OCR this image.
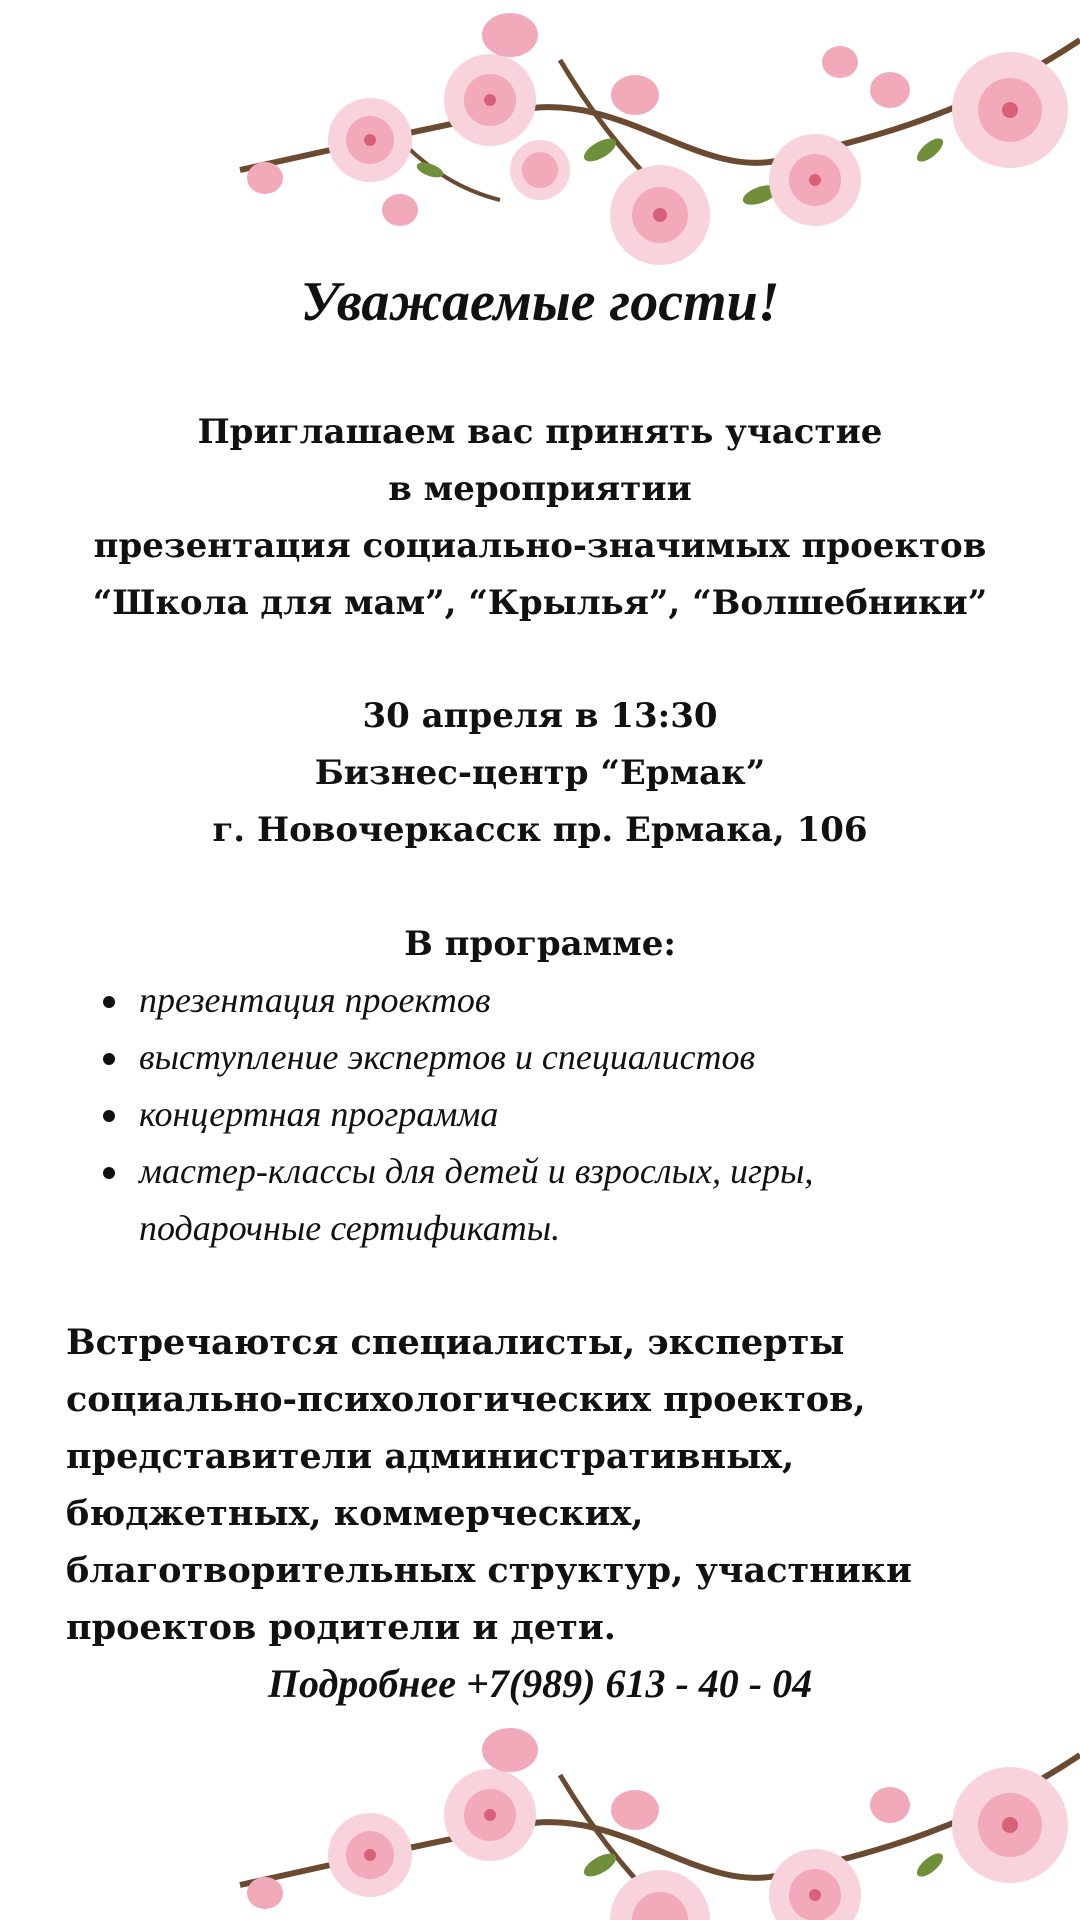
Уважаемые гости!
Приглашаем вас принять участие
в мероприятии
презентация социально-значимых проектов
“Школа для мам”, “Крылья”, “Волшебники”
30 апреля в 13:30
Бизнес-центр “Ермак”
г. Новочеркасск пр. Ермака, 106
В программе:
презентация проектов
выступление экспертов и специалистов
концертная программа
мастер-классы для детей и взрослых, игры, подарочные сертификаты.
Встречаются специалисты, эксперты социально-психологических проектов, представители административных, бюджетных, коммерческих, благотворительных структур, участники проектов родители и дети.
Подробнее +7(989) 613 - 40 - 04
